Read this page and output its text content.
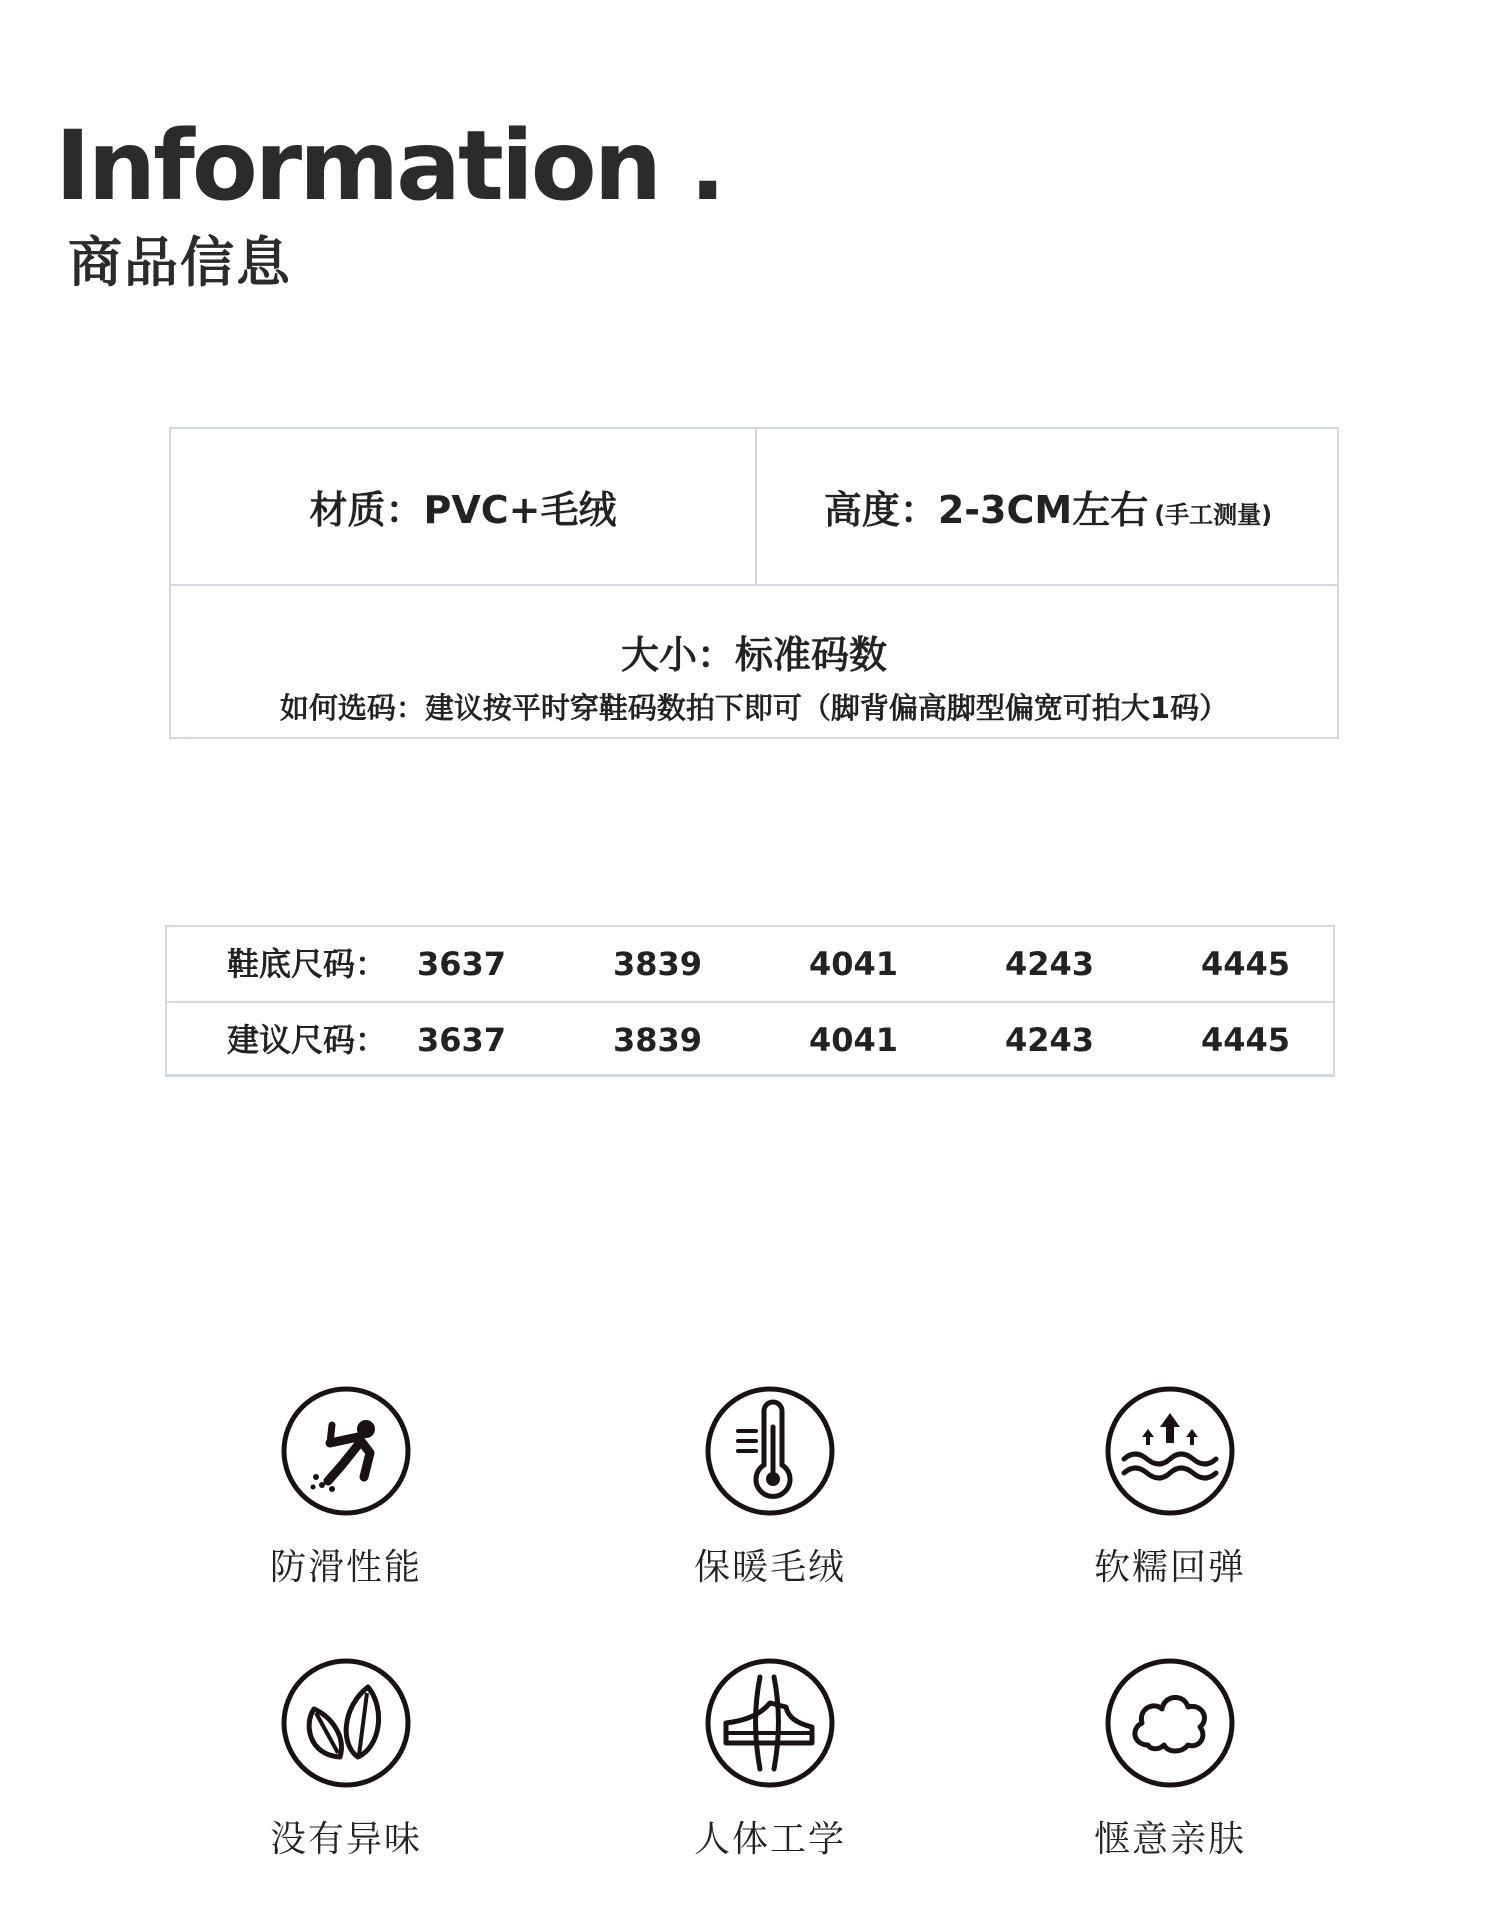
Information .
商品信息
材质：PVC+毛绒	高度：2-3CM左右 (手工测量)
大小：标准码数
如何选码：建议按平时穿鞋码数拍下即可（脚背偏高脚型偏宽可拍大1码）
鞋底尺码： 3637	3839	4041	4243	4445
建议尺码： 3637	3839	4041	4243	4445
防滑性能	保暖毛绒	软糯回弹
没有异味	人体工学	惬意亲肤
